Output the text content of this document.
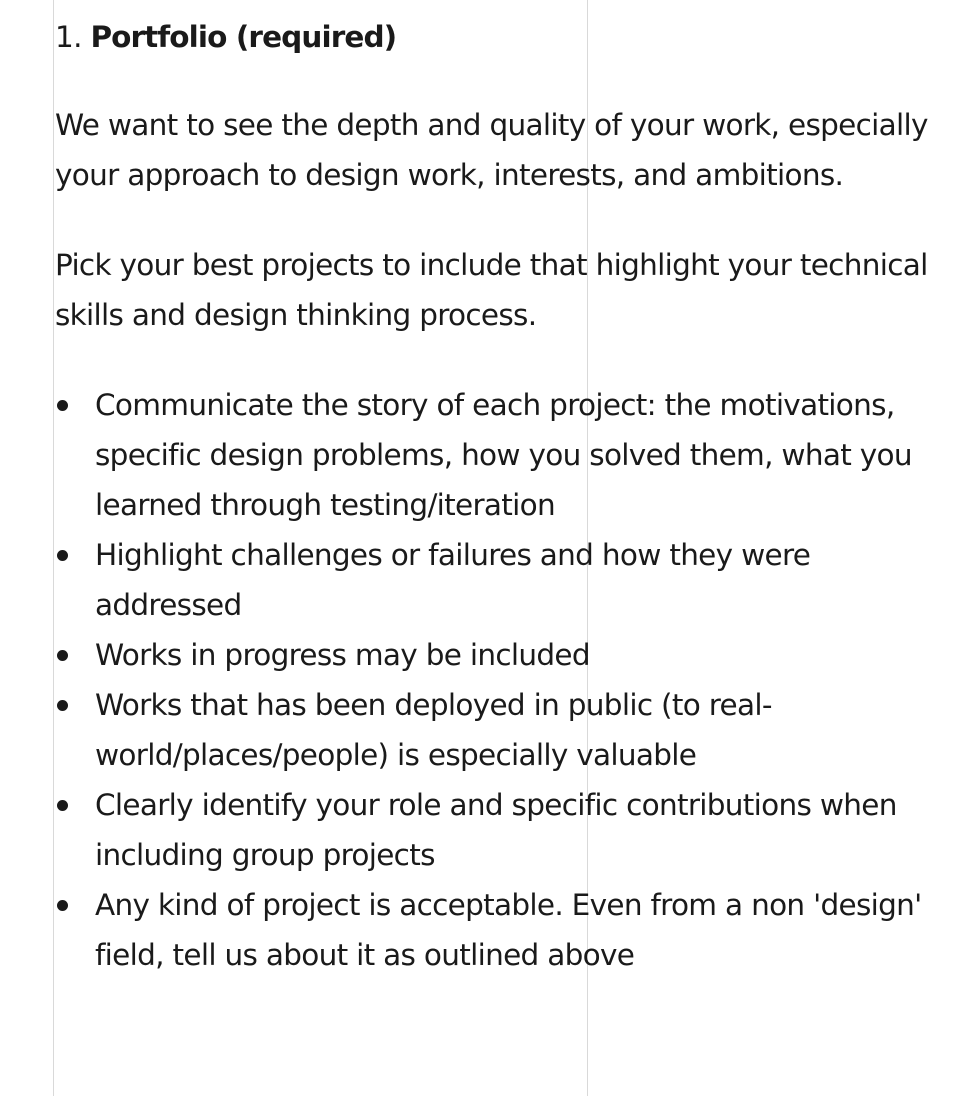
1. Portfolio (required)

We want to see the depth and quality of your work, especially your approach to design work, interests, and ambitions.

Pick your best projects to include that highlight your technical skills and design thinking process.

Communicate the story of each project: the motivations, specific design problems, how you solved them, what you learned through testing/iteration
Highlight challenges or failures and how they were addressed
Works in progress may be included
Works that has been deployed in public (to real-world/places/people) is especially valuable
Clearly identify your role and specific contributions when including group projects
Any kind of project is acceptable. Even from a non 'design' field, tell us about it as outlined above
